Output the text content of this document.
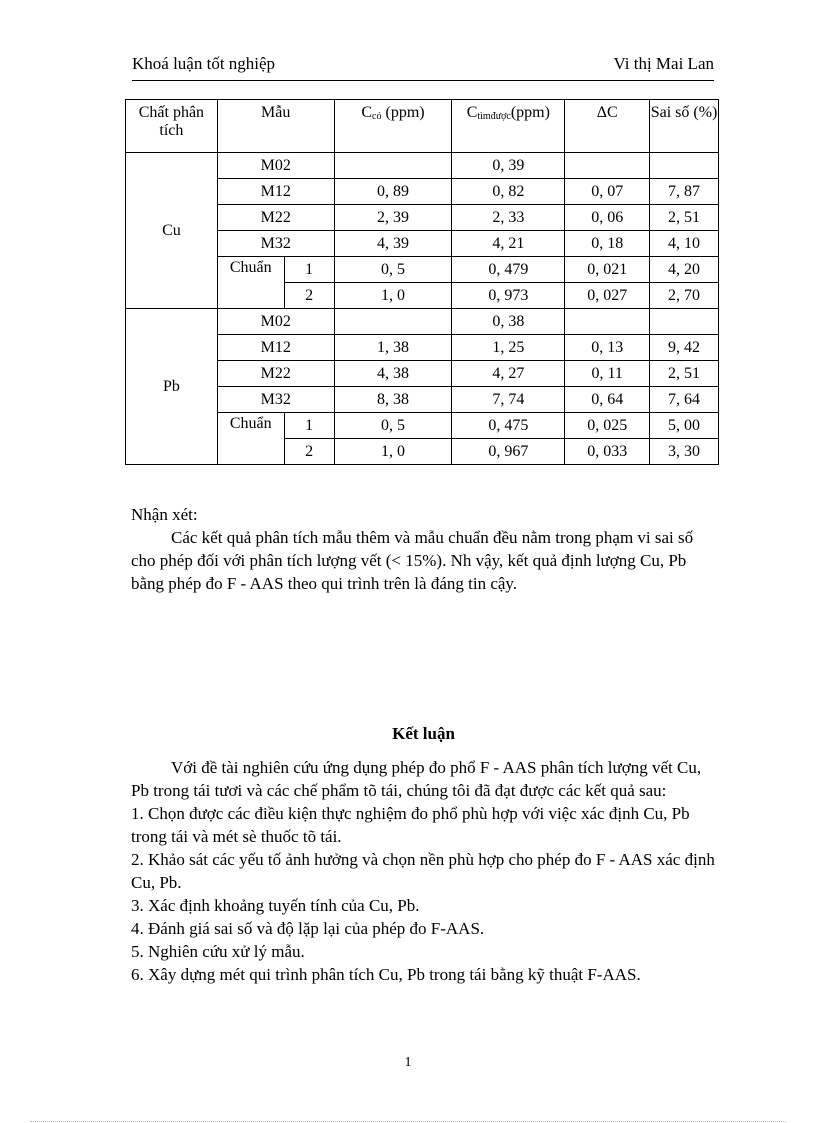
Khoá luận tốt nghiệp	Vi thị Mai Lan
Chất phân tích	Mẫu		$C_{có}$ (ppm)	$C_{tìmđược}(ppm)$	ΔC	Sai số (%)
Cu	M02			0, 39		
	M12		0, 89	0, 82	0, 07	7, 87
	M22		2, 39	2, 33	0, 06	2, 51
	M32		4, 39	4, 21	0, 18	4, 10
	Chuẩn	1	0, 5	0, 479	0, 021	4, 20
		2	1, 0	0, 973	0, 027	2, 70
Pb	M02			0, 38		
	M12		1, 38	1, 25	0, 13	9, 42
	M22		4, 38	4, 27	0, 11	2, 51
	M32		8, 38	7, 74	0, 64	7, 64
	Chuẩn	1	0, 5	0, 475	0, 025	5, 00
		2	1, 0	0, 967	0, 033	3, 30
Nhận xét:
Các kết quả phân tích mẫu thêm và mẫu chuẩn đều nằm trong phạm vi sai số cho phép đối với phân tích lượng vết (< 15%). Nh vậy, kết quả định lượng Cu, Pb bằng phép đo F - AAS theo qui trình trên là đáng tin cậy.
Kết luận
Với đề tài nghiên cứu ứng dụng phép đo phổ F - AAS phân tích lượng vết Cu, Pb trong tái tươi và các chế phẩm tõ tái, chúng tôi đã đạt được các kết quả sau:
1. Chọn được các điều kiện thực nghiệm đo phổ phù hợp với việc xác định Cu, Pb trong tái và mét sè thuốc tõ tái.
2. Khảo sát các yếu tố ảnh hưởng và chọn nền phù hợp cho phép đo F - AAS xác định Cu, Pb.
3. Xác định khoảng tuyến tính của Cu, Pb.
4. Đánh giá sai số và độ lặp lại của phép đo F-AAS.
5. Nghiên cứu xử lý mẫu.
6. Xây dựng mét qui trình phân tích Cu, Pb trong tái bằng kỹ thuật F-AAS.
1
